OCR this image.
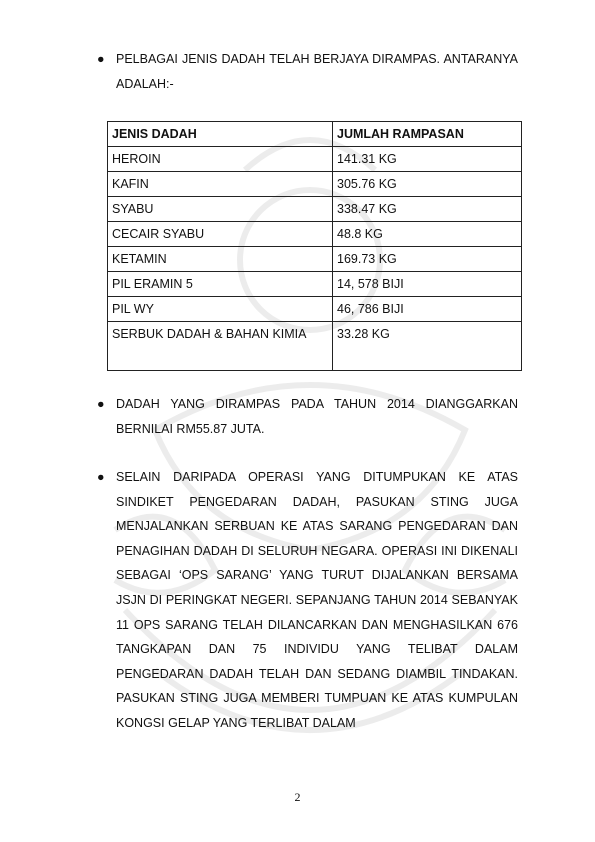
● PELBAGAI JENIS DADAH TELAH BERJAYA DIRAMPAS. ANTARANYA ADALAH:-
JENIS DADAH	JUMLAH RAMPASAN
HEROIN	141.31 KG
KAFIN	305.76 KG
SYABU	338.47 KG
CECAIR SYABU	48.8 KG
KETAMIN	169.73 KG
PIL ERAMIN 5	14, 578 BIJI
PIL WY	46, 786 BIJI
SERBUK DADAH & BAHAN KIMIA	33.28 KG
● DADAH YANG DIRAMPAS PADA TAHUN 2014 DIANGGARKAN BERNILAI RM55.87 JUTA.
● SELAIN DARIPADA OPERASI YANG DITUMPUKAN KE ATAS SINDIKET PENGEDARAN DADAH, PASUKAN STING JUGA MENJALANKAN SERBUAN KE ATAS SARANG PENGEDARAN DAN PENAGIHAN DADAH DI SELURUH NEGARA. OPERASI INI DIKENALI SEBAGAI ‘OPS SARANG’ YANG TURUT DIJALANKAN BERSAMA JSJN DI PERINGKAT NEGERI. SEPANJANG TAHUN 2014 SEBANYAK 11 OPS SARANG TELAH DILANCARKAN DAN MENGHASILKAN 676 TANGKAPAN DAN 75 INDIVIDU YANG TELIBAT DALAM PENGEDARAN DADAH TELAH DAN SEDANG DIAMBIL TINDAKAN. PASUKAN STING JUGA MEMBERI TUMPUAN KE ATAS KUMPULAN KONGSI GELAP YANG TERLIBAT DALAM
2
